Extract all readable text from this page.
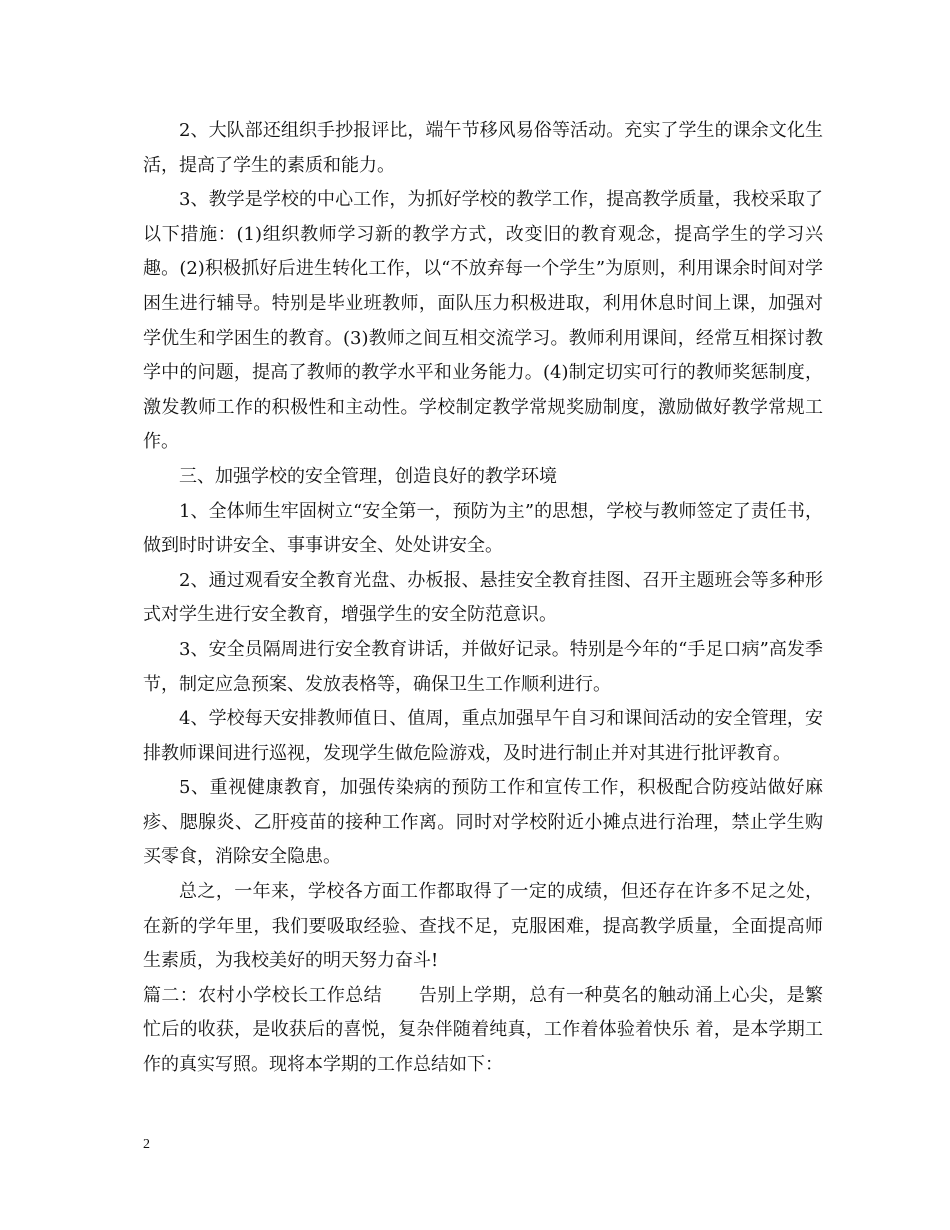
2、大队部还组织手抄报评比，端午节移风易俗等活动。充实了学生的课余文化生活，提高了学生的素质和能力。

3、教学是学校的中心工作，为抓好学校的教学工作，提高教学质量，我校采取了以下措施：(1)组织教师学习新的教学方式，改变旧的教育观念，提高学生的学习兴趣。(2)积极抓好后进生转化工作，以“不放弃每一个学生”为原则，利用课余时间对学困生进行辅导。特别是毕业班教师，面队压力积极进取，利用休息时间上课，加强对学优生和学困生的教育。(3)教师之间互相交流学习。教师利用课间，经常互相探讨教学中的问题，提高了教师的教学水平和业务能力。(4)制定切实可行的教师奖惩制度，激发教师工作的积极性和主动性。学校制定教学常规奖励制度，激励做好教学常规工作。

三、加强学校的安全管理，创造良好的教学环境

1、全体师生牢固树立“安全第一，预防为主”的思想，学校与教师签定了责任书，做到时时讲安全、事事讲安全、处处讲安全。

2、通过观看安全教育光盘、办板报、悬挂安全教育挂图、召开主题班会等多种形式对学生进行安全教育，增强学生的安全防范意识。

3、安全员隔周进行安全教育讲话，并做好记录。特别是今年的“手足口病”高发季节，制定应急预案、发放表格等，确保卫生工作顺利进行。

4、学校每天安排教师值日、值周，重点加强早午自习和课间活动的安全管理，安排教师课间进行巡视，发现学生做危险游戏，及时进行制止并对其进行批评教育。

5、重视健康教育，加强传染病的预防工作和宣传工作，积极配合防疫站做好麻疹、腮腺炎、乙肝疫苗的接种工作离。同时对学校附近小摊点进行治理，禁止学生购买零食，消除安全隐患。

总之，一年来，学校各方面工作都取得了一定的成绩，但还存在许多不足之处，在新的学年里，我们要吸取经验、查找不足，克服困难，提高教学质量，全面提高师生素质，为我校美好的明天努力奋斗!

篇二：农村小学校长工作总结　　告别上学期，总有一种莫名的触动涌上心尖，是繁忙后的收获，是收获后的喜悦，复杂伴随着纯真，工作着体验着快乐 着，是本学期工作的真实写照。现将本学期的工作总结如下：

2
